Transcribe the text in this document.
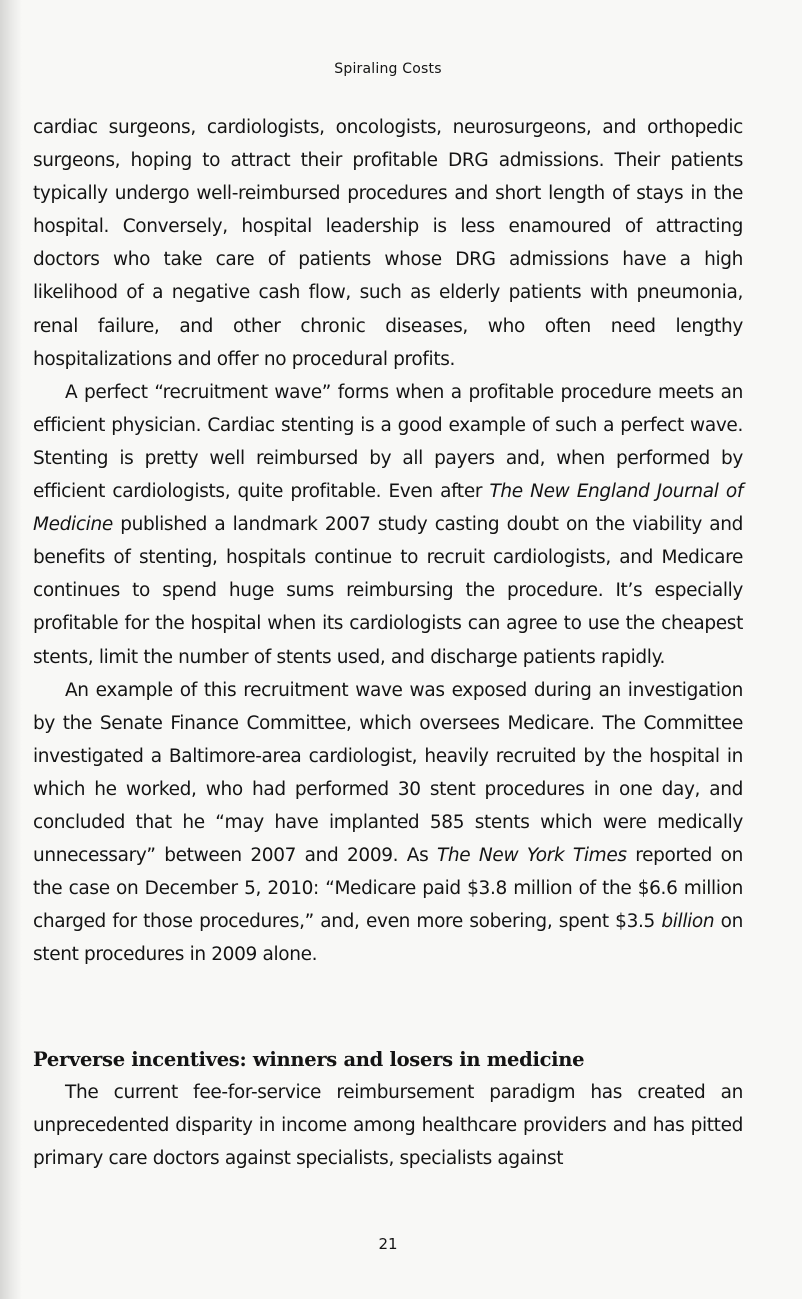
Spiraling Costs

cardiac surgeons, cardiologists, oncologists, neurosurgeons, and orthopedic surgeons, hoping to attract their profitable DRG admissions. Their patients typically undergo well-reimbursed procedures and short length of stays in the hospital. Conversely, hospital leadership is less enamoured of attracting doctors who take care of patients whose DRG admissions have a high likelihood of a negative cash flow, such as elderly patients with pneumonia, renal failure, and other chronic diseases, who often need lengthy hospitalizations and offer no procedural profits.

A perfect “recruitment wave” forms when a profitable procedure meets an efficient physician. Cardiac stenting is a good example of such a perfect wave. Stenting is pretty well reimbursed by all payers and, when performed by efficient cardiologists, quite profitable. Even after The New England Journal of Medicine published a landmark 2007 study casting doubt on the viability and benefits of stenting, hospitals continue to recruit cardiologists, and Medicare continues to spend huge sums reimbursing the procedure. It’s especially profitable for the hospital when its cardiologists can agree to use the cheapest stents, limit the number of stents used, and discharge patients rapidly.

An example of this recruitment wave was exposed during an investigation by the Senate Finance Committee, which oversees Medicare. The Committee investigated a Baltimore-area cardiologist, heavily recruited by the hospital in which he worked, who had performed 30 stent procedures in one day, and concluded that he “may have implanted 585 stents which were medically unnecessary” between 2007 and 2009. As The New York Times reported on the case on December 5, 2010: “Medicare paid $3.8 million of the $6.6 million charged for those procedures,” and, even more sobering, spent $3.5 billion on stent procedures in 2009 alone.

Perverse incentives: winners and losers in medicine

The current fee-for-service reimbursement paradigm has created an unprecedented disparity in income among healthcare providers and has pitted primary care doctors against specialists, specialists against

21
